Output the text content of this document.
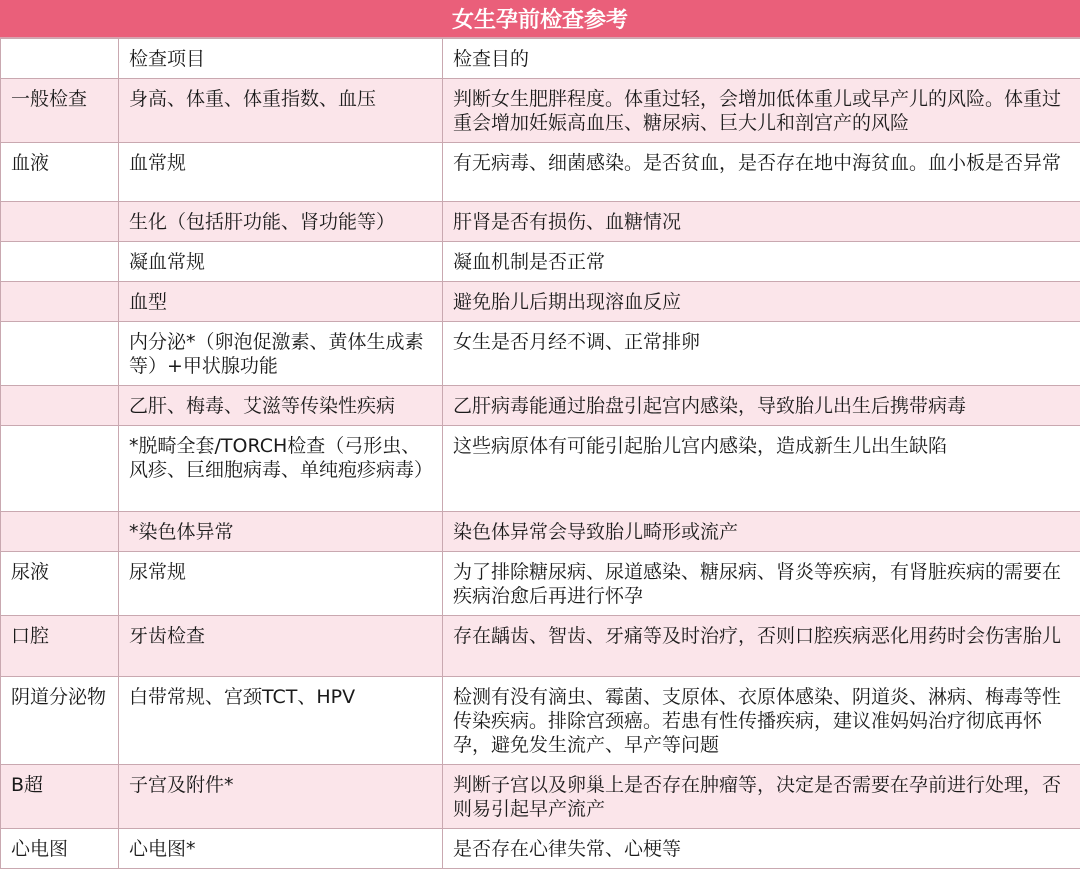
女生孕前检查参考
	检查项目	检查目的
一般检查	身高、体重、体重指数、血压	判断女生肥胖程度。体重过轻，会增加低体重儿或早产儿的风险。体重过重会增加妊娠高血压、糖尿病、巨大儿和剖宫产的风险
血液	血常规	有无病毒、细菌感染。是否贫血，是否存在地中海贫血。血小板是否异常
	生化（包括肝功能、肾功能等）	肝肾是否有损伤、血糖情况
	凝血常规	凝血机制是否正常
	血型	避免胎儿后期出现溶血反应
	内分泌*（卵泡促激素、黄体生成素等）+甲状腺功能	女生是否月经不调、正常排卵
	乙肝、梅毒、艾滋等传染性疾病	乙肝病毒能通过胎盘引起宫内感染，导致胎儿出生后携带病毒
	*脱畸全套/TORCH检查（弓形虫、风疹、巨细胞病毒、单纯疱疹病毒）	这些病原体有可能引起胎儿宫内感染，造成新生儿出生缺陷
	*染色体异常	染色体异常会导致胎儿畸形或流产
尿液	尿常规	为了排除糖尿病、尿道感染、糖尿病、肾炎等疾病，有肾脏疾病的需要在疾病治愈后再进行怀孕
口腔	牙齿检查	存在龋齿、智齿、牙痛等及时治疗，否则口腔疾病恶化用药时会伤害胎儿
阴道分泌物	白带常规、宫颈TCT、HPV	检测有没有滴虫、霉菌、支原体、衣原体感染、阴道炎、淋病、梅毒等性传染疾病。排除宫颈癌。若患有性传播疾病，建议准妈妈治疗彻底再怀孕，避免发生流产、早产等问题
B超	子宫及附件*	判断子宫以及卵巢上是否存在肿瘤等，决定是否需要在孕前进行处理，否则易引起早产流产
心电图	心电图*	是否存在心律失常、心梗等
